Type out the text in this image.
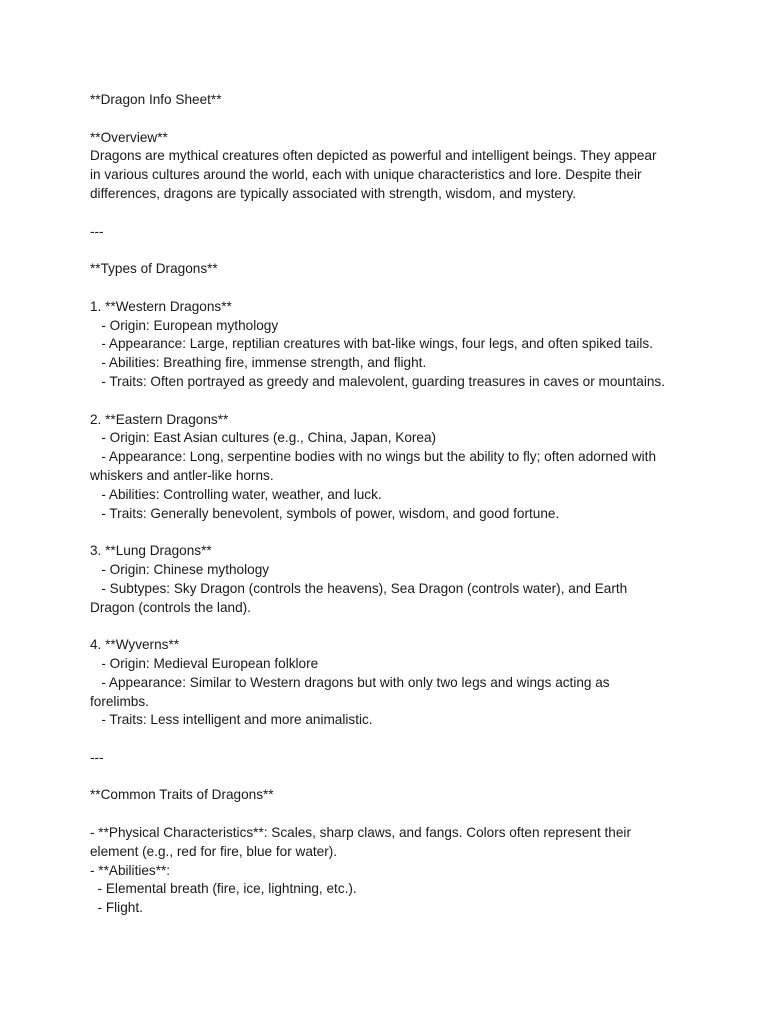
**Dragon Info Sheet**
**Overview**
Dragons are mythical creatures often depicted as powerful and intelligent beings. They appear
in various cultures around the world, each with unique characteristics and lore. Despite their
differences, dragons are typically associated with strength, wisdom, and mystery.
---
**Types of Dragons**
1. **Western Dragons**
- Origin: European mythology
- Appearance: Large, reptilian creatures with bat-like wings, four legs, and often spiked tails.
- Abilities: Breathing fire, immense strength, and flight.
- Traits: Often portrayed as greedy and malevolent, guarding treasures in caves or mountains.
2. **Eastern Dragons**
- Origin: East Asian cultures (e.g., China, Japan, Korea)
- Appearance: Long, serpentine bodies with no wings but the ability to fly; often adorned with
whiskers and antler-like horns.
- Abilities: Controlling water, weather, and luck.
- Traits: Generally benevolent, symbols of power, wisdom, and good fortune.
3. **Lung Dragons**
- Origin: Chinese mythology
- Subtypes: Sky Dragon (controls the heavens), Sea Dragon (controls water), and Earth
Dragon (controls the land).
4. **Wyverns**
- Origin: Medieval European folklore
- Appearance: Similar to Western dragons but with only two legs and wings acting as
forelimbs.
- Traits: Less intelligent and more animalistic.
---
**Common Traits of Dragons**
- **Physical Characteristics**: Scales, sharp claws, and fangs. Colors often represent their
element (e.g., red for fire, blue for water).
- **Abilities**:
- Elemental breath (fire, ice, lightning, etc.).
- Flight.
